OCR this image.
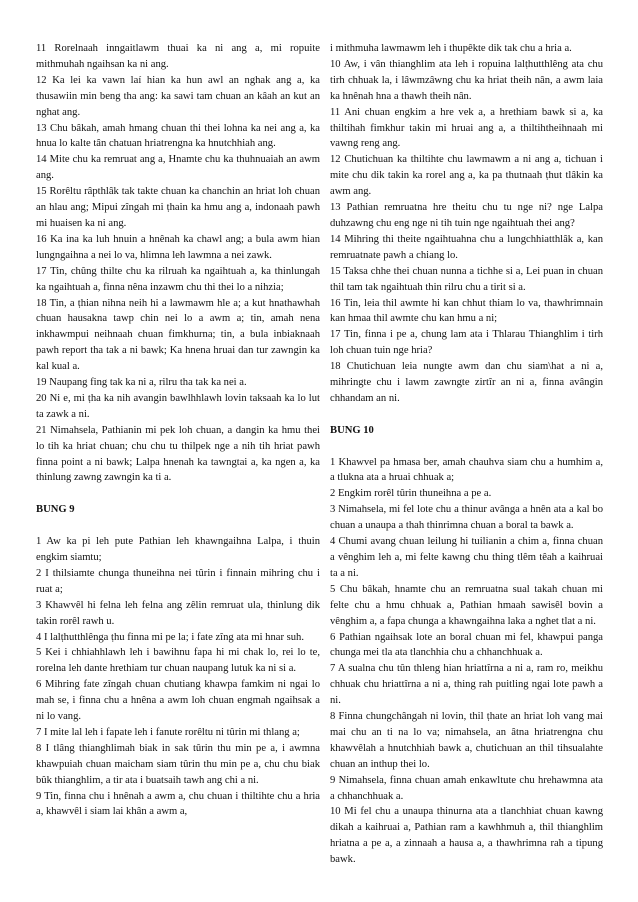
11 Rorelnaah inngaitlawm thuai ka ni ang a, mi ropuite mithmuhah ngaihsan ka ni ang.

12 Ka lei ka vawn laí hian ka hun awl an nghak ang a, ka thusawiin min beng tha ang: ka sawi tam chuan an kâah an kut an nghat ang.

13 Chu bâkah, amah hmang chuan thi thei lohna ka nei ang a, ka hnua lo kalte tân chatuan hriatrengna ka hnutchhiah ang.

14 Mite chu ka remruat ang a, Hnamte chu ka thuhnuaiah an awm ang.

15 Rorêltu râpthlâk tak takte chuan ka chanchin an hriat loh chuan an hlau ang; Mipui zîngah mi ṭhain ka hmu ang a, indonaah pawh mi huaisen ka ni ang.

16 Ka ina ka luh hnuin a hnênah ka chawl ang; a bula awm hian lungngaihna a nei lo va, hlimna leh lawmna a nei zawk.

17 Tin, chûng thilte chu ka rilruah ka ngaihtuah a, ka thinlungah ka ngaihtuah a, finna nêna inzawm chu thi thei lo a nihzia;

18 Tin, a ṭhian nihna neih hi a lawmawm hle a; a kut hnathawhah chuan hausakna tawp chin nei lo a awm a; tin, amah nena inkhawmpui neihnaah chuan fimkhurna; tin, a bula inbiaknaah pawh report tha tak a ni bawk; Ka hnena hruai dan tur zawngin ka kal kual a.

19 Naupang fing tak ka ni a, rilru tha tak ka nei a.

20 Ni e, mi ṭha ka nih avangin bawlhhlawh lovin taksaah ka lo lut ta zawk a ni.

21 Nimahsela, Pathianin mi pek loh chuan, a dangin ka hmu thei lo tih ka hriat chuan; chu chu tu thilpek nge a nih tih hriat pawh finna point a ni bawk; Lalpa hnenah ka tawngtai a, ka ngen a, ka thinlung zawng zawngin ka ti a.

BUNG 9

1 Aw ka pi leh pute Pathian leh khawngaihna Lalpa, i thuin engkim siamtu;

2 I thilsiamte chunga thuneihna nei tûrin i finnain mihring chu i ruat a;

3 Khawvêl hi felna leh felna ang zêlin remruat ula, thinlung dik takin rorêl rawh u.

4 I lalṭhutthlênga ṭhu finna mi pe la; i fate zîng ata mi hnar suh.

5 Kei i chhiahhlawh leh i bawihnu fapa hi mi chak lo, rei lo te, rorelna leh dante hrethiam tur chuan naupang lutuk ka ni si a.

6 Mihring fate zîngah chuan chutiang khawpa famkim ni ngai lo mah se, i finna chu a hnêna a awm loh chuan engmah ngaihsak a ni lo vang.

7 I mite lal leh i fapate leh i fanute rorêltu ni tûrin mi thlang a;

8 I tlâng thianghlimah biak in sak tûrin thu min pe a, i awmna khawpuiah chuan maicham siam tûrin thu min pe a, chu chu biak bûk thianghlim, a tir ata i buatsaih tawh ang chi a ni.

9 Tin, finna chu i hnênah a awm a, chu chuan i thiltihte chu a hria a, khawvêl i siam lai khân a awm a,

i mithmuha lawmawm leh i thupêkte dik tak chu a hria a.

10 Aw, i vân thianghlim ata leh i ropuina lalṭhutthlêng ata chu tirh chhuak la, i lâwmzâwng chu ka hriat theih nân, a awm laia ka hnênah hna a thawh theih nân.

11 Ani chuan engkim a hre vek a, a hrethiam bawk si a, ka thiltihah fimkhur takin mi hruai ang a, a thiltihtheihnaah mi vawng reng ang.

12 Chutichuan ka thiltihte chu lawmawm a ni ang a, tichuan i mite chu dik takin ka rorel ang a, ka pa thutnaah ṭhut tlâkin ka awm ang.

13 Pathian remruatna hre theitu chu tu nge ni? nge Lalpa duhzawng chu eng nge ni tih tuin nge ngaihtuah thei ang?

14 Mihring thi theite ngaihtuahna chu a lungchhiatthlâk a, kan remruatnate pawh a chiang lo.

15 Taksa chhe thei chuan nunna a tichhe si a, Lei puan in chuan thil tam tak ngaihtuah thin rilru chu a tirit si a.

16 Tin, leia thil awmte hi kan chhut thiam lo va, thawhrimnain kan hmaa thil awmte chu kan hmu a ni;

17 Tin, finna i pe a, chung lam ata i Thlarau Thianghlim i tirh loh chuan tuin nge hria?

18 Chutichuan leia nungte awm dan chu siam\hat a ni a, mihringte chu i lawm zawngte zirtîr an ni a, finna avângin chhandam an ni.

BUNG 10

1 Khawvel pa hmasa ber, amah chauhva siam chu a humhim a, a tlukna ata a hruai chhuak a;

2 Engkim rorêl tûrin thuneihna a pe a.

3 Nimahsela, mi fel lote chu a thinur avânga a hnên ata a kal bo chuan a unaupa a thah thinrimna chuan a boral ta bawk a.

4 Chumi avang chuan leilung hi tuilianin a chim a, finna chuan a vênghim leh a, mi felte kawng chu thing tlêm têah a kaihruai ta a ni.

5 Chu bâkah, hnamte chu an remruatna sual takah chuan mi felte chu a hmu chhuak a, Pathian hmaah sawisêl bovin a vênghim a, a fapa chunga a khawngaihna laka a nghet tlat a ni.

6 Pathian ngaihsak lote an boral chuan mi fel, khawpui panga chunga mei tla ata tlanchhia chu a chhanchhuak a.

7 A sualna chu tûn thleng hian hriattîrna a ni a, ram ro, meikhu chhuak chu hriattîrna a ni a, thing rah puitling ngai lote pawh a ni.

8 Finna chungchângah ni lovin, thil ṭhate an hriat loh vang mai mai chu an ti na lo va; nimahsela, an âtna hriatrengna chu khawvêlah a hnutchhiah bawk a, chutichuan an thil tihsualahte chuan an inthup thei lo.

9 Nimahsela, finna chuan amah enkawltute chu hrehawmna ata a chhanchhuak a.

10 Mi fel chu a unaupa thinurna ata a tlanchhiat chuan kawng dikah a kaihruai a, Pathian ram a kawhhmuh a, thil thianghlim hriatna a pe a, a zinnaah a hausa a, a thawhrimna rah a tipung bawk.
